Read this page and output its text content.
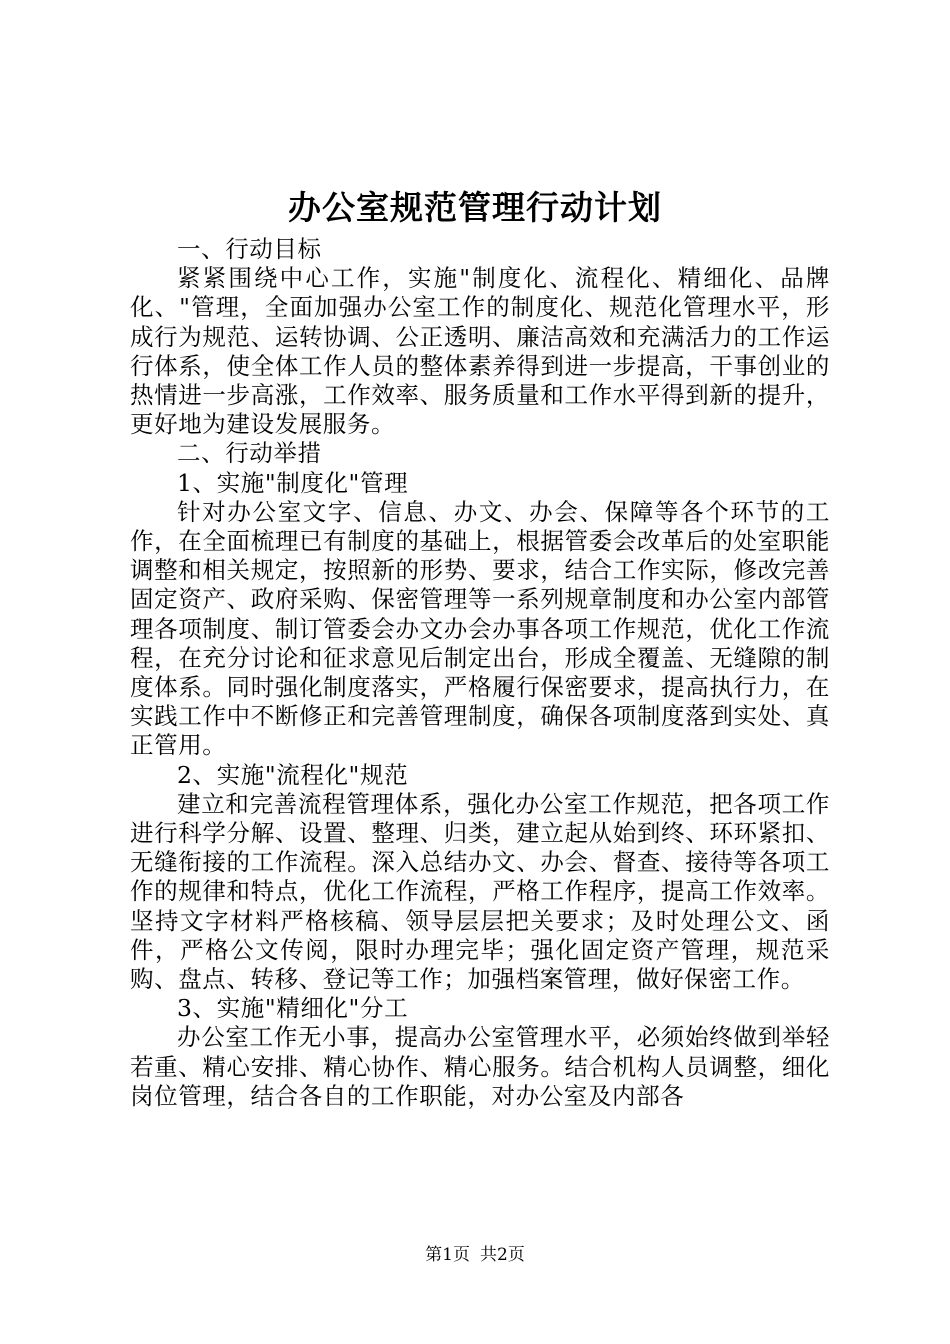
办公室规范管理行动计划

一、行动目标

紧紧围绕中心工作，实施"制度化、流程化、精细化、品牌化、"管理，全面加强办公室工作的制度化、规范化管理水平，形成行为规范、运转协调、公正透明、廉洁高效和充满活力的工作运行体系，使全体工作人员的整体素养得到进一步提高，干事创业的热情进一步高涨，工作效率、服务质量和工作水平得到新的提升，更好地为建设发展服务。

二、行动举措

1、实施"制度化"管理

针对办公室文字、信息、办文、办会、保障等各个环节的工作，在全面梳理已有制度的基础上，根据管委会改革后的处室职能调整和相关规定，按照新的形势、要求，结合工作实际，修改完善固定资产、政府采购、保密管理等一系列规章制度和办公室内部管理各项制度、制订管委会办文办会办事各项工作规范，优化工作流程，在充分讨论和征求意见后制定出台，形成全覆盖、无缝隙的制度体系。同时强化制度落实，严格履行保密要求，提高执行力，在实践工作中不断修正和完善管理制度，确保各项制度落到实处、真正管用。

2、实施"流程化"规范

建立和完善流程管理体系，强化办公室工作规范，把各项工作进行科学分解、设置、整理、归类，建立起从始到终、环环紧扣、无缝衔接的工作流程。深入总结办文、办会、督查、接待等各项工作的规律和特点，优化工作流程，严格工作程序，提高工作效率。坚持文字材料严格核稿、领导层层把关要求；及时处理公文、函件，严格公文传阅，限时办理完毕；强化固定资产管理，规范采购、盘点、转移、登记等工作；加强档案管理，做好保密工作。

3、实施"精细化"分工

办公室工作无小事，提高办公室管理水平，必须始终做到举轻若重、精心安排、精心协作、精心服务。结合机构人员调整，细化岗位管理，结合各自的工作职能，对办公室及内部各

第1页 共2页
